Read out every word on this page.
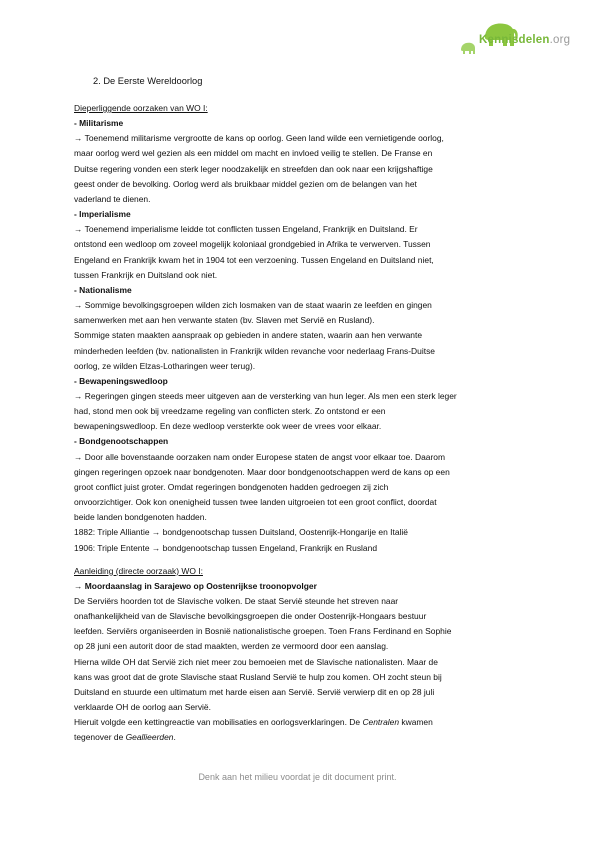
Kennisdelen.org

2. De Eerste Wereldoorlog

Dieperliggende oorzaken van WO I:

- Militarisme

→ Toenemend militarisme vergrootte de kans op oorlog. Geen land wilde een vernietigende oorlog,

maar oorlog werd wel gezien als een middel om macht en invloed veilig te stellen. De Franse en

Duitse regering vonden een sterk leger noodzakelijk en streefden dan ook naar een krijgshaftige

geest onder de bevolking. Oorlog werd als bruikbaar middel gezien om de belangen van het

vaderland te dienen.

- Imperialisme

→ Toenemend imperialisme leidde tot conflicten tussen Engeland, Frankrijk en Duitsland. Er

ontstond een wedloop om zoveel mogelijk koloniaal grondgebied in Afrika te verwerven. Tussen

Engeland en Frankrijk kwam het in 1904 tot een verzoening. Tussen Engeland en Duitsland niet,

tussen Frankrijk en Duitsland ook niet.

- Nationalisme

→ Sommige bevolkingsgroepen wilden zich losmaken van de staat waarin ze leefden en gingen

samenwerken met aan hen verwante staten (bv. Slaven met Servië en Rusland).

Sommige staten maakten aanspraak op gebieden in andere staten, waarin aan hen verwante

minderheden leefden (bv. nationalisten in Frankrijk wilden revanche voor nederlaag Frans-Duitse

oorlog, ze wilden Elzas-Lotharingen weer terug).

- Bewapeningswedloop

→ Regeringen gingen steeds meer uitgeven aan de versterking van hun leger. Als men een sterk leger

had, stond men ook bij vreedzame regeling van conflicten sterk. Zo ontstond er een

bewapeningswedloop. En deze wedloop versterkte ook weer de vrees voor elkaar.

- Bondgenootschappen

→ Door alle bovenstaande oorzaken nam onder Europese staten de angst voor elkaar toe. Daarom

gingen regeringen opzoek naar bondgenoten. Maar door bondgenootschappen werd de kans op een

groot conflict juist groter. Omdat regeringen bondgenoten hadden gedroegen zij zich

onvoorzichtiger. Ook kon onenigheid tussen twee landen uitgroeien tot een groot conflict, doordat

beide landen bondgenoten hadden.

1882: Triple Alliantie → bondgenootschap tussen Duitsland, Oostenrijk-Hongarije en Italië

1906: Triple Entente → bondgenootschap tussen Engeland, Frankrijk en Rusland

Aanleiding (directe oorzaak) WO I:

→ Moordaanslag in Sarajewo op Oostenrijkse troonopvolger

De Serviërs hoorden tot de Slavische volken. De staat Servië steunde het streven naar

onafhankelijkheid van de Slavische bevolkingsgroepen die onder Oostenrijk-Hongaars bestuur

leefden. Serviërs organiseerden in Bosnië nationalistische groepen. Toen Frans Ferdinand en Sophie

op 28 juni een autorit door de stad maakten, werden ze vermoord door een aanslag.

Hierna wilde OH dat Servië zich niet meer zou bemoeien met de Slavische nationalisten. Maar de

kans was groot dat de grote Slavische staat Rusland Servië te hulp zou komen. OH zocht steun bij

Duitsland en stuurde een ultimatum met harde eisen aan Servië. Servië verwierp dit en op 28 juli

verklaarde OH de oorlog aan Servië.

Hieruit volgde een kettingreactie van mobilisaties en oorlogsverklaringen. De Centralen kwamen

tegenover de Geallieerden.

Denk aan het milieu voordat je dit document print.
